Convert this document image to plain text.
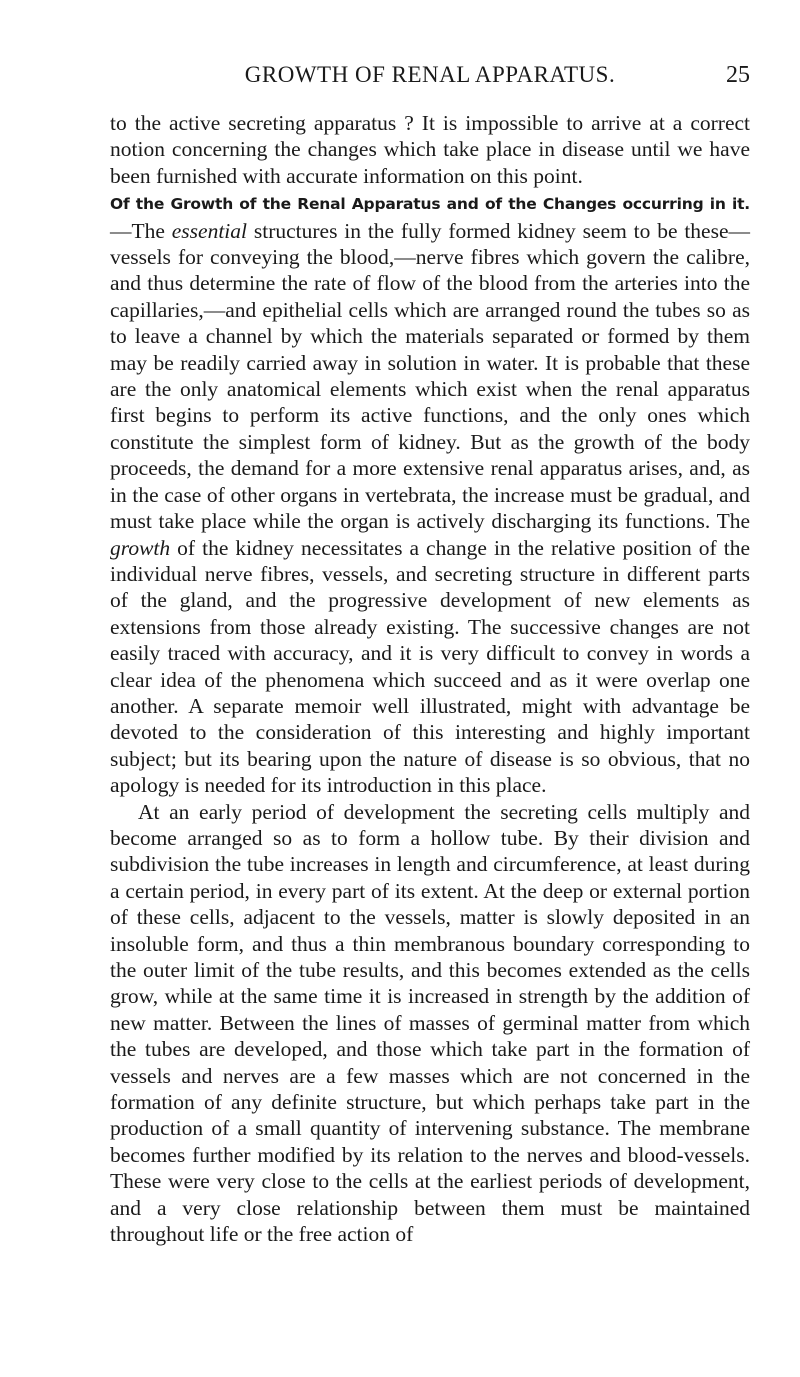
GROWTH OF RENAL APPARATUS.	25

to the active secreting apparatus ? It is impossible to arrive at a correct notion concerning the changes which take place in disease until we have been furnished with accurate information on this point.

Of the Growth of the Renal Apparatus and of the Changes occurring in it.—The essential structures in the fully formed kidney seem to be these—vessels for conveying the blood,—nerve fibres which govern the calibre, and thus determine the rate of flow of the blood from the arteries into the capillaries,—and epithelial cells which are arranged round the tubes so as to leave a channel by which the materials separated or formed by them may be readily carried away in solution in water. It is probable that these are the only anatomical elements which exist when the renal apparatus first begins to perform its active functions, and the only ones which constitute the simplest form of kidney. But as the growth of the body proceeds, the demand for a more extensive renal apparatus arises, and, as in the case of other organs in vertebrata, the increase must be gradual, and must take place while the organ is actively discharging its functions. The growth of the kidney necessitates a change in the relative position of the individual nerve fibres, vessels, and secreting structure in different parts of the gland, and the progressive development of new elements as extensions from those already existing. The successive changes are not easily traced with accuracy, and it is very difficult to convey in words a clear idea of the phenomena which succeed and as it were overlap one another. A separate memoir well illustrated, might with advantage be devoted to the consideration of this interesting and highly important subject; but its bearing upon the nature of disease is so obvious, that no apology is needed for its introduction in this place.

At an early period of development the secreting cells multiply and become arranged so as to form a hollow tube. By their division and subdivision the tube increases in length and circumference, at least during a certain period, in every part of its extent. At the deep or external portion of these cells, adjacent to the vessels, matter is slowly deposited in an insoluble form, and thus a thin membranous boundary corresponding to the outer limit of the tube results, and this becomes extended as the cells grow, while at the same time it is increased in strength by the addition of new matter. Between the lines of masses of germinal matter from which the tubes are developed, and those which take part in the formation of vessels and nerves are a few masses which are not concerned in the formation of any definite structure, but which perhaps take part in the production of a small quantity of intervening substance. The membrane becomes further modified by its relation to the nerves and blood-vessels. These were very close to the cells at the earliest periods of development, and a very close relationship between them must be maintained throughout life or the free action of
